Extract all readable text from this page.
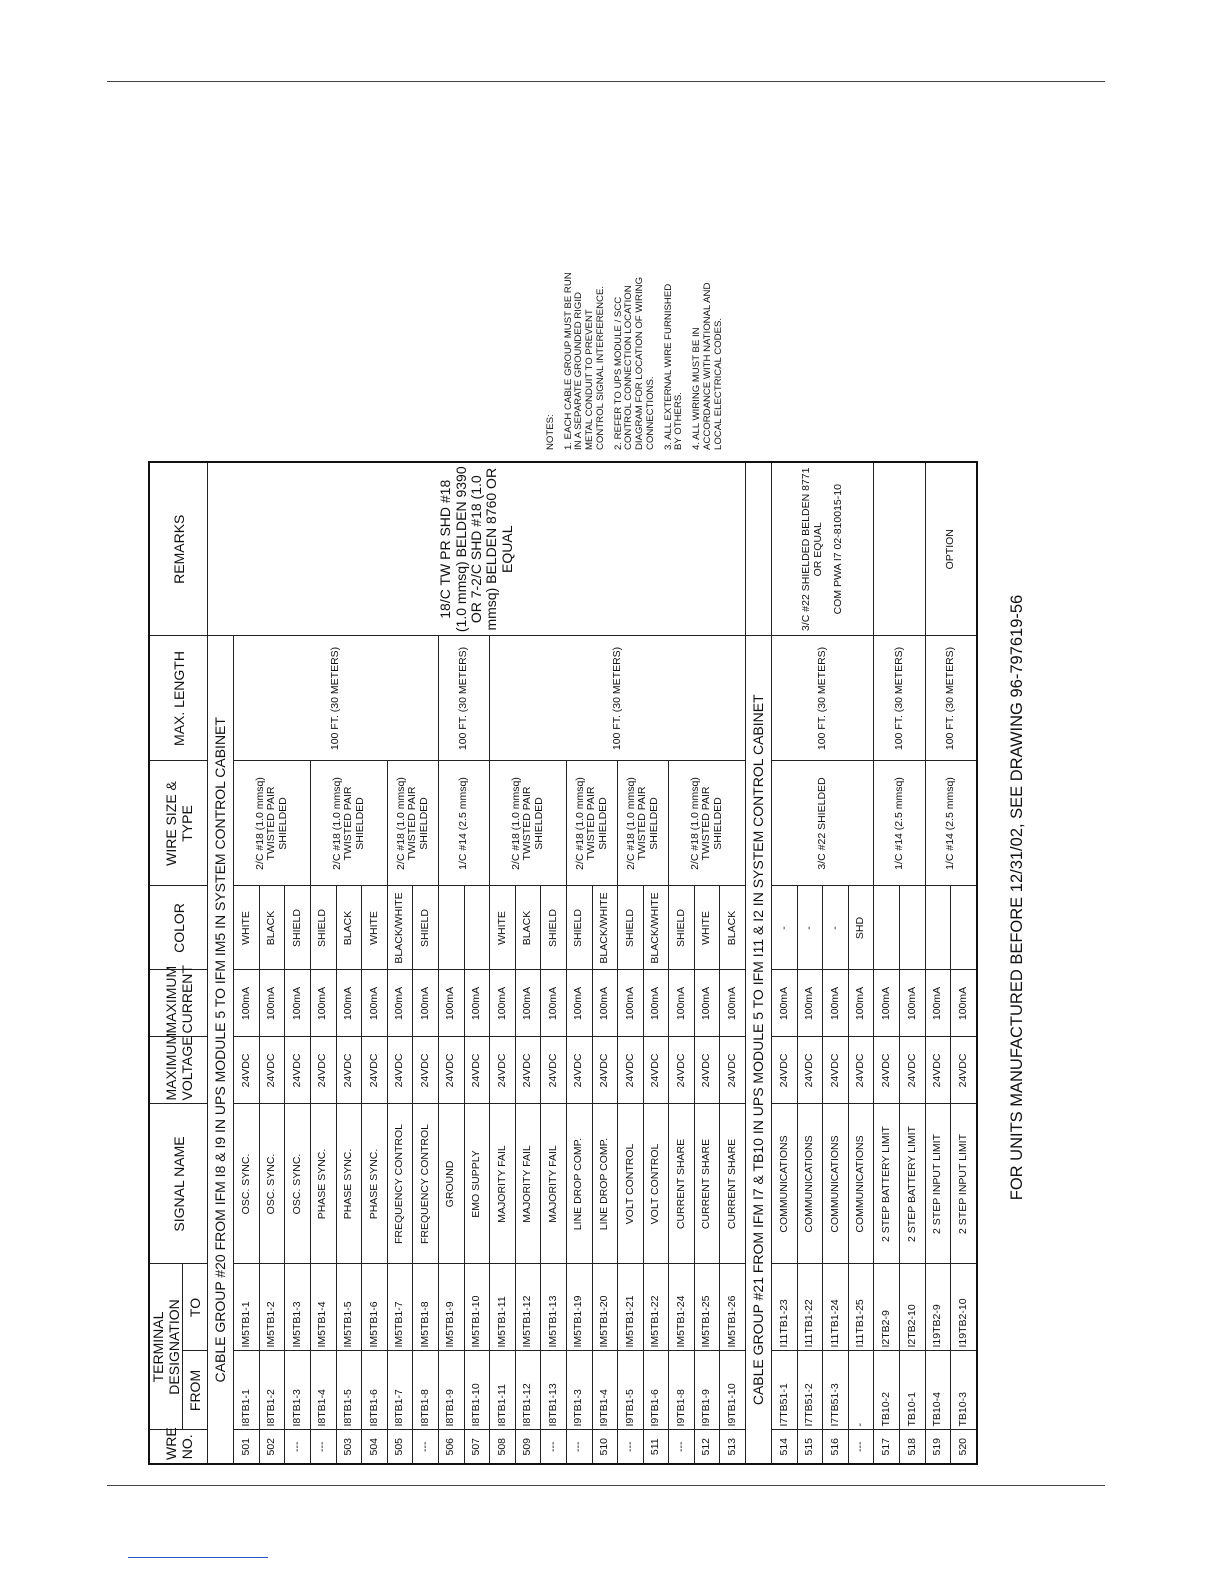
WRE NO.	TERMINAL DESIGNATION		SIGNAL NAME	MAXIMUM VOLTAGE	MAXIMUM CURRENT	COLOR	WIRE SIZE & TYPE	MAX. LENGTH	REMARKS
	FROM	TO							
CABLE GROUP #20 FROM IFM I8 & I9 IN UPS MODULE 5 TO IFM IM5 IN SYSTEM CONTROL CABINET									18/C TW PR SHD #18 (1.0 mmsq) BELDEN 9390 OR 7-2/C SHD #18 (1.0 mmsq) BELDEN 8760 OR EQUAL
501	I8TB1-1	IM5TB1-1	OSC. SYNC.	24VDC	100mA	WHITE	2/C #18 (1.0 mmsq) TWISTED PAIR SHIELDED	100 FT. (30 METERS)	
502	I8TB1-2	IM5TB1-2	OSC. SYNC.	24VDC	100mA	BLACK			
---	I8TB1-3	IM5TB1-3	OSC. SYNC.	24VDC	100mA	SHIELD			
---	I8TB1-4	IM5TB1-4	PHASE SYNC.	24VDC	100mA	SHIELD	2/C #18 (1.0 mmsq) TWISTED PAIR SHIELDED		
503	I8TB1-5	IM5TB1-5	PHASE SYNC.	24VDC	100mA	BLACK			
504	I8TB1-6	IM5TB1-6	PHASE SYNC.	24VDC	100mA	WHITE			
505	I8TB1-7	IM5TB1-7	FREQUENCY CONTROL	24VDC	100mA	BLACK/WHITE	2/C #18 (1.0 mmsq) TWISTED PAIR SHIELDED		
---	I8TB1-8	IM5TB1-8	FREQUENCY CONTROL	24VDC	100mA	SHIELD			
506	I8TB1-9	IM5TB1-9	GROUND	24VDC	100mA		1/C #14 (2.5 mmsq)	100 FT. (30 METERS)	
507	I8TB1-10	IM5TB1-10	EMO SUPPLY	24VDC	100mA				
508	I8TB1-11	IM5TB1-11	MAJORITY FAIL	24VDC	100mA	WHITE	2/C #18 (1.0 mmsq) TWISTED PAIR SHIELDED	100 FT. (30 METERS)	
509	I8TB1-12	IM5TB1-12	MAJORITY FAIL	24VDC	100mA	BLACK			
---	I8TB1-13	IM5TB1-13	MAJORITY FAIL	24VDC	100mA	SHIELD			
---	I9TB1-3	IM5TB1-19	LINE DROP COMP.	24VDC	100mA	SHIELD	2/C #18 (1.0 mmsq) TWISTED PAIR SHIELDED		
510	I9TB1-4	IM5TB1-20	LINE DROP COMP.	24VDC	100mA	BLACK/WHITE			
---	I9TB1-5	IM5TB1-21	VOLT CONTROL	24VDC	100mA	SHIELD	2/C #18 (1.0 mmsq) TWISTED PAIR SHIELDED		
511	I9TB1-6	IM5TB1-22	VOLT CONTROL	24VDC	100mA	BLACK/WHITE			
---	I9TB1-8	IM5TB1-24	CURRENT SHARE	24VDC	100mA	SHIELD	2/C #18 (1.0 mmsq) TWISTED PAIR SHIELDED		
512	I9TB1-9	IM5TB1-25	CURRENT SHARE	24VDC	100mA	WHITE			
513	I9TB1-10	IM5TB1-26	CURRENT SHARE	24VDC	100mA	BLACK			
CABLE GROUP #21 FROM IFM I7 & TB10 IN UPS MODULE 5 TO IFM I11 & I2 IN SYSTEM CONTROL CABINET									
514	I7TB51-1	I11TB1-23	COMMUNICATIONS	24VDC	100mA	-	3/C #22 SHIELDED	100 FT. (30 METERS)	3/C #22 SHIELDED BELDEN 8771 OR EQUAL COM PWA I7 02-810015-10

515	I7TB51-2	I11TB1-22	COMMUNICATIONS	24VDC	100mA	-			
516	I7TB51-3	I11TB1-24	COMMUNICATIONS	24VDC	100mA	-			
---	-	I11TB1-25	COMMUNICATIONS	24VDC	100mA	SHD			
517	TB10-2	I2TB2-9	2 STEP BATTERY LIMIT	24VDC	100mA		1/C #14 (2.5 mmsq)	100 FT. (30 METERS)	
518	TB10-1	I2TB2-10	2 STEP BATTERY LIMIT	24VDC	100mA				
519	TB10-4	I19TB2-9	2 STEP INPUT LIMIT	24VDC	100mA		1/C #14 (2.5 mmsq)	100 FT. (30 METERS)	OPTION
520	TB10-3	I19TB2-10	2 STEP INPUT LIMIT	24VDC	100mA				

NOTES: 1. EACH CABLE GROUP MUST BE RUN IN A SEPARATE GROUNDED RIGID METAL CONDUIT TO PREVENT CONTROL SIGNAL INTERFERENCE. 2. REFER TO UPS MODULE / SCC CONTROL CONNECTION LOCATION DIAGRAM FOR LOCATION OF WIRING CONNECTIONS. 3. ALL EXTERNAL WIRE FURNISHED BY OTHERS. 4. ALL WIRING MUST BE IN ACCORDANCE WITH NATIONAL AND LOCAL ELECTRICAL CODES.

FOR UNITS MANUFACTURED BEFORE 12/31/02, SEE DRAWING 96-797619-56
